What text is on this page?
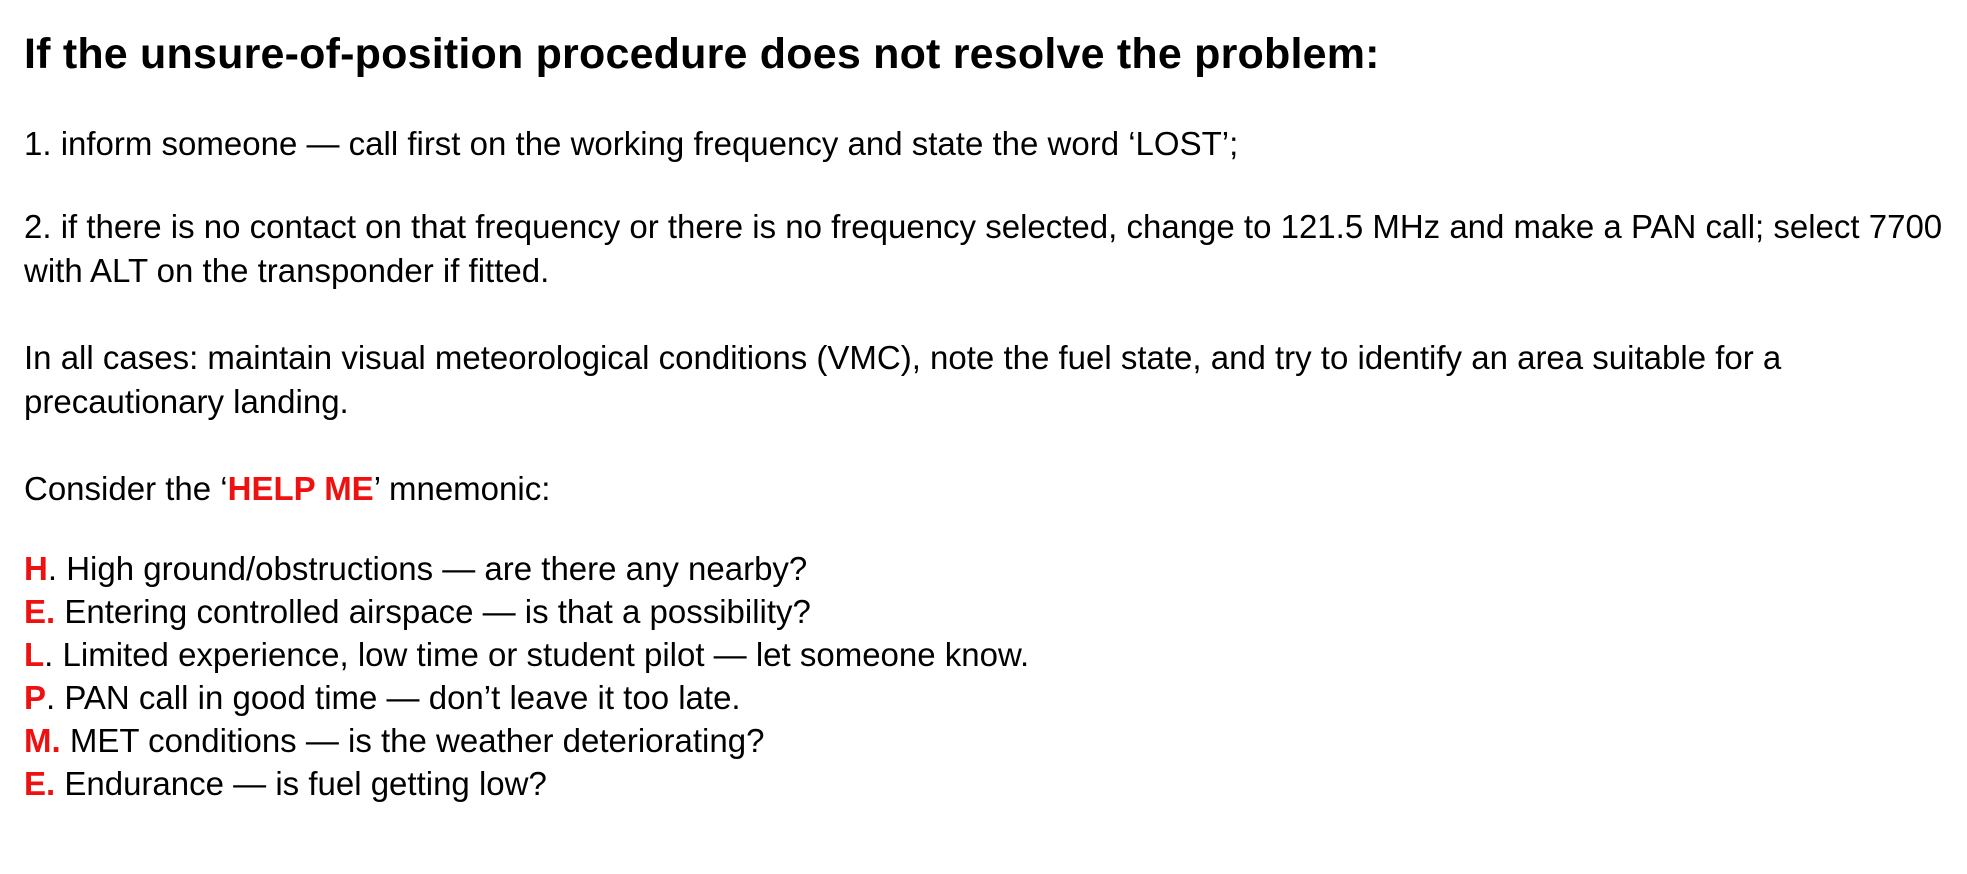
If the unsure-of-position procedure does not resolve the problem:

1. inform someone — call first on the working frequency and state the word ‘LOST’;

2. if there is no contact on that frequency or there is no frequency selected, change to 121.5 MHz and make a PAN call; select 7700 with ALT on the transponder if fitted.

In all cases: maintain visual meteorological conditions (VMC), note the fuel state, and try to identify an area suitable for a precautionary landing.

Consider the ‘HELP ME’ mnemonic:

H. High ground/obstructions — are there any nearby?
E. Entering controlled airspace — is that a possibility?
L. Limited experience, low time or student pilot — let someone know.
P. PAN call in good time — don’t leave it too late.
M. MET conditions — is the weather deteriorating?
E. Endurance — is fuel getting low?
